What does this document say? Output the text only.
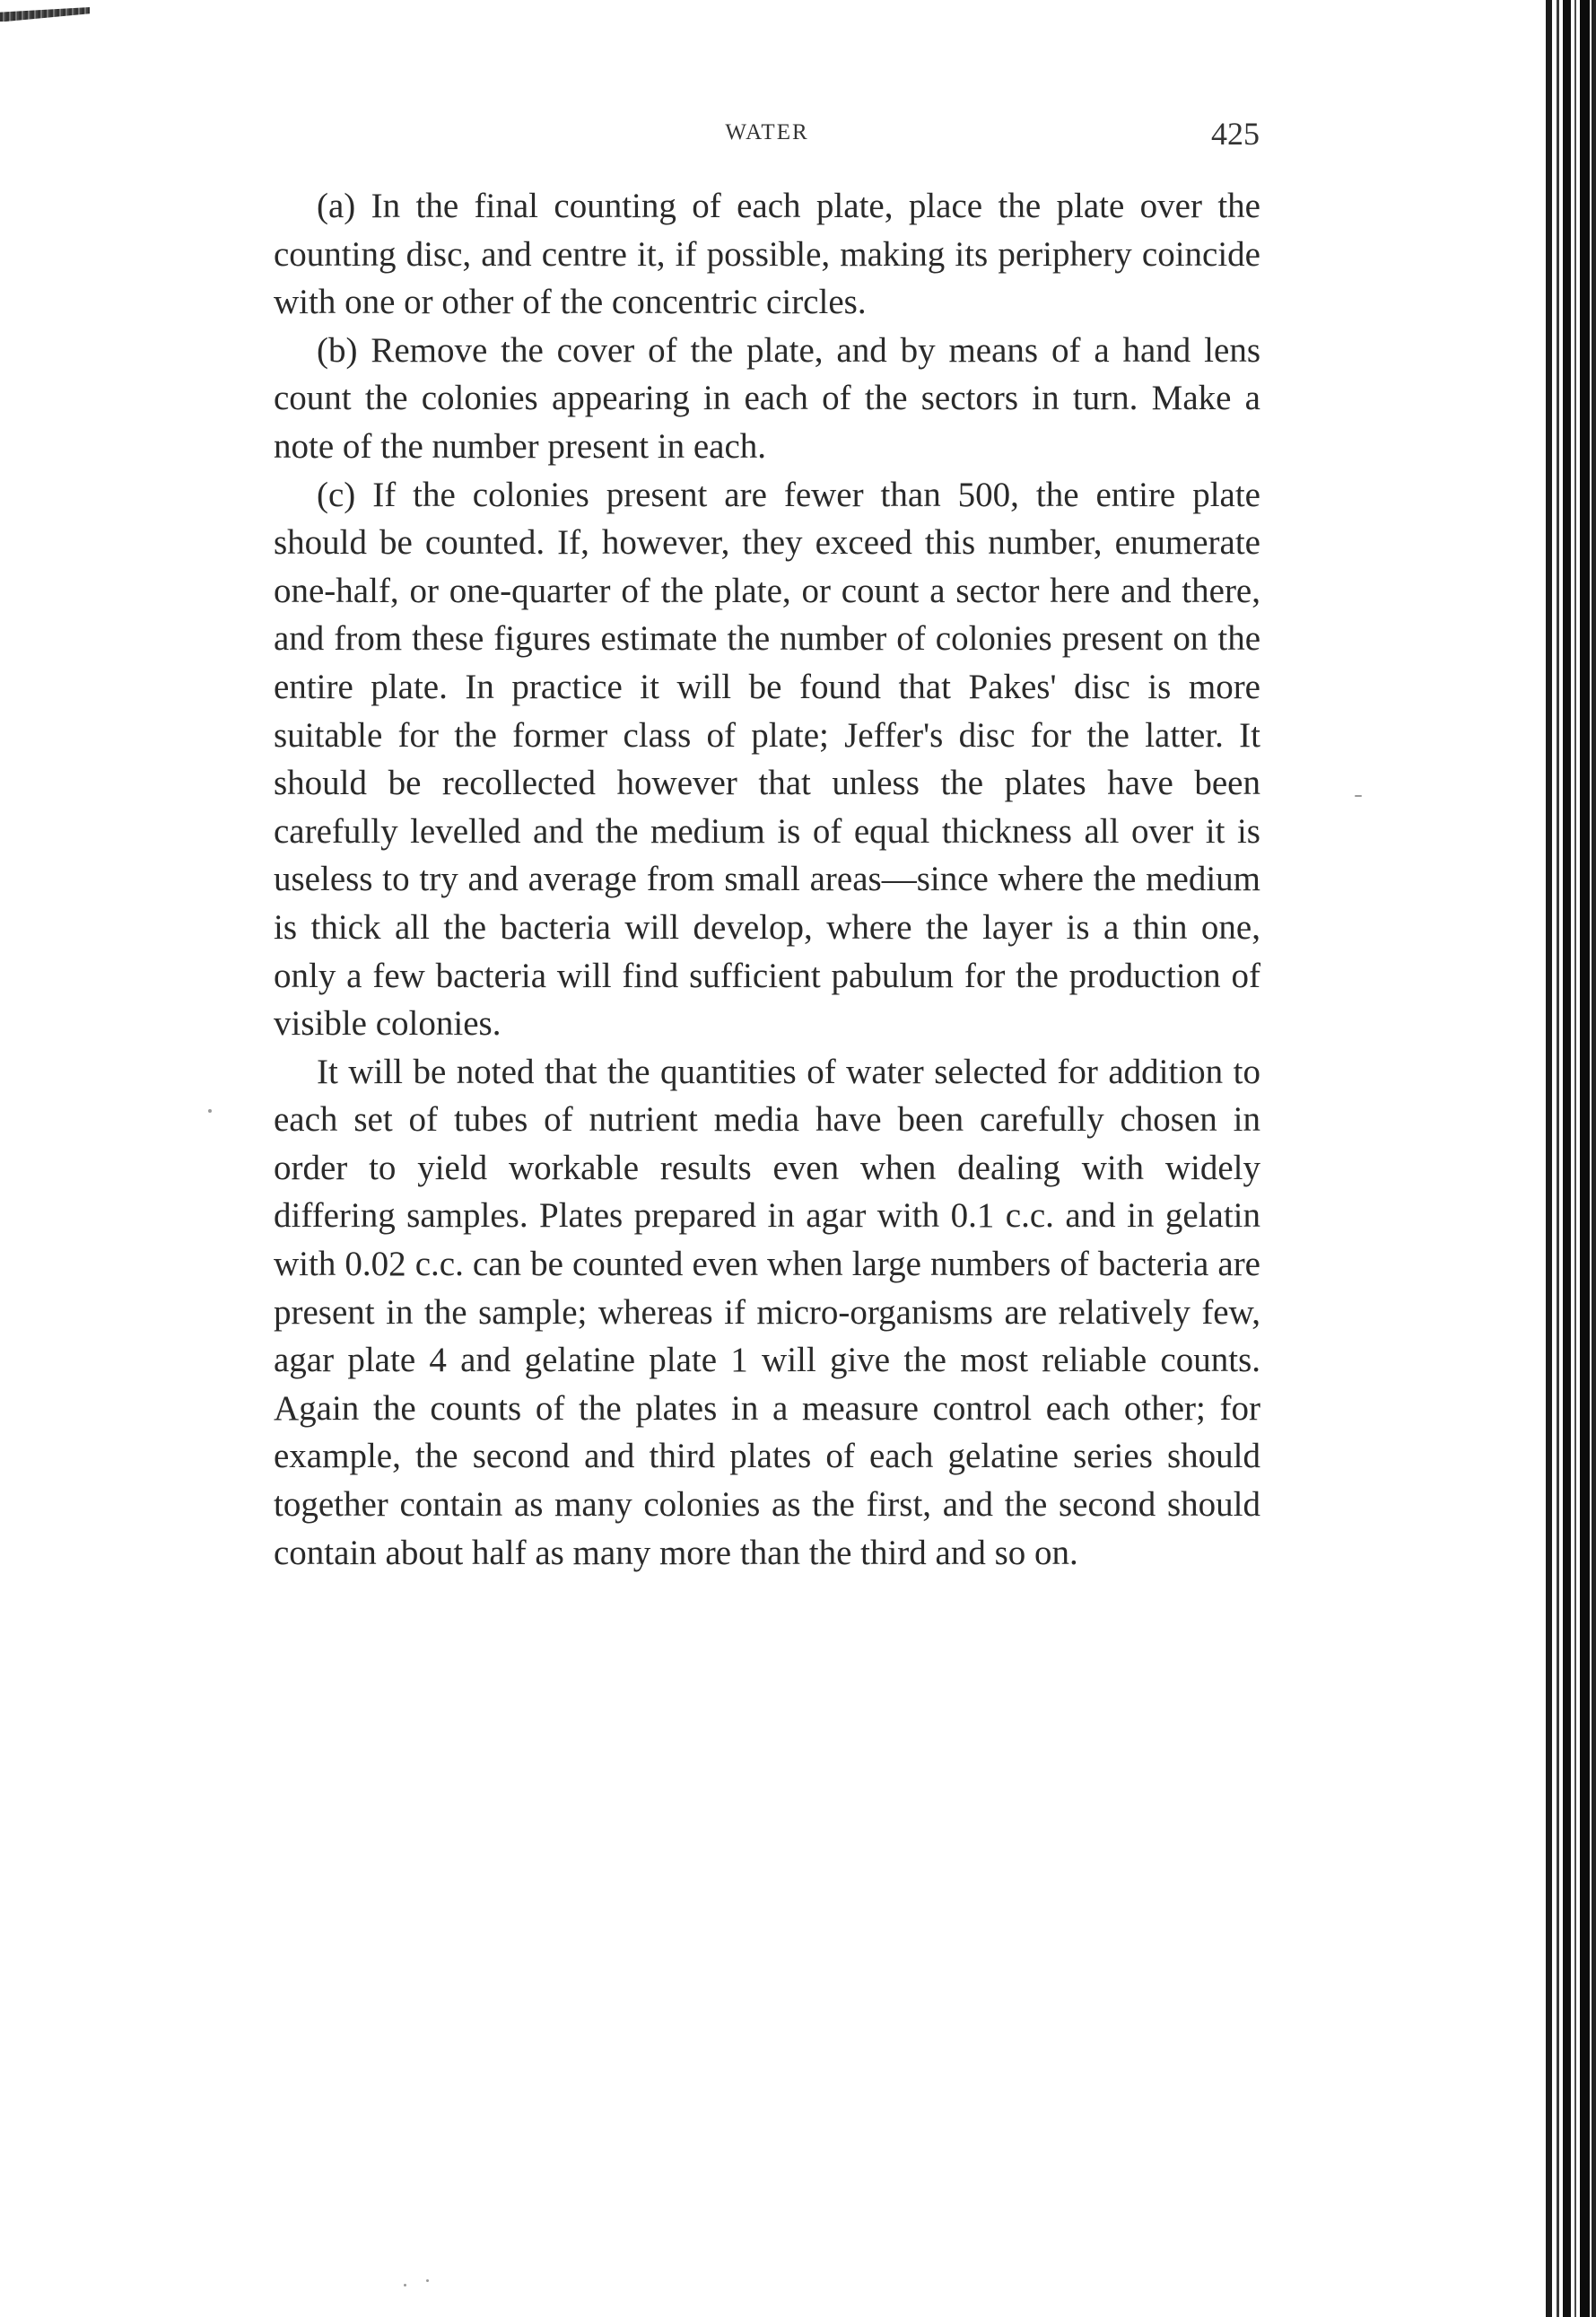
WATER	425

(a) In the final counting of each plate, place the plate over the counting disc, and centre it, if possible, making its periphery coincide with one or other of the concentric circles.

(b) Remove the cover of the plate, and by means of a hand lens count the colonies appearing in each of the sectors in turn. Make a note of the number present in each.

(c) If the colonies present are fewer than 500, the entire plate should be counted. If, however, they exceed this number, enumerate one-half, or one-quarter of the plate, or count a sector here and there, and from these figures estimate the number of colonies present on the entire plate. In practice it will be found that Pakes' disc is more suitable for the former class of plate; Jeffer's disc for the latter. It should be recollected however that unless the plates have been carefully levelled and the medium is of equal thickness all over it is useless to try and average from small areas—since where the medium is thick all the bacteria will develop, where the layer is a thin one, only a few bacteria will find sufficient pabulum for the production of visible colonies.

It will be noted that the quantities of water selected for addition to each set of tubes of nutrient media have been carefully chosen in order to yield workable results even when dealing with widely differing samples. Plates prepared in agar with 0.1 c.c. and in gelatin with 0.02 c.c. can be counted even when large numbers of bacteria are present in the sample; whereas if micro-organisms are relatively few, agar plate 4 and gelatine plate 1 will give the most reliable counts. Again the counts of the plates in a measure control each other; for example, the second and third plates of each gelatine series should together contain as many colonies as the first, and the second should contain about half as many more than the third and so on.
